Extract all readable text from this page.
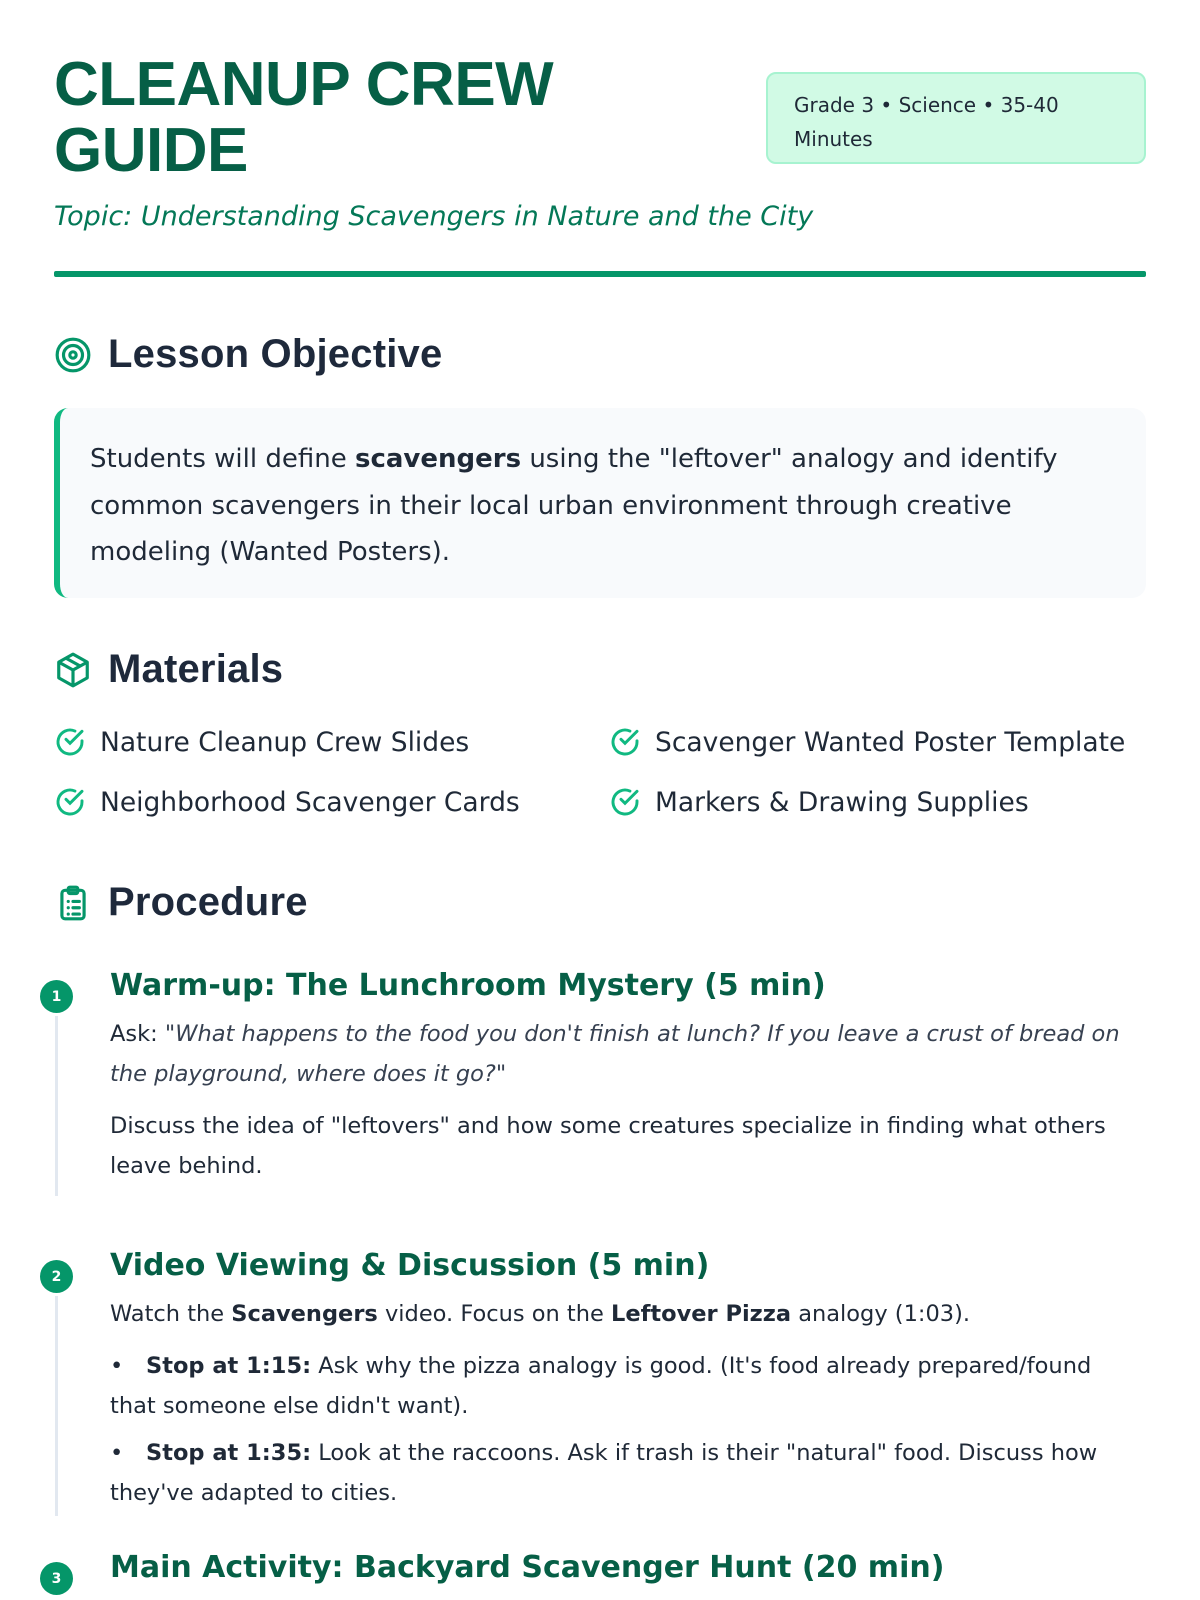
CLEANUP CREW GUIDE
Grade 3 • Science • 35-40 Minutes

Topic: Understanding Scavengers in Nature and the City

Lesson Objective
Students will define scavengers using the "leftover" analogy and identify common scavengers in their local urban environment through creative modeling (Wanted Posters).
Materials
Nature Cleanup Crew Slides	Scavenger Wanted Poster Template
Neighborhood Scavenger Cards	Markers & Drawing Supplies
Procedure
1	Warm-up: The Lunchroom Mystery (5 min)

Ask: "What happens to the food you don't finish at lunch? If you leave a crust of bread on the playground, where does it go?"

Discuss the idea of "leftovers" and how some creatures specialize in finding what others leave behind.

2	Video Viewing & Discussion (5 min)

Watch the Scavengers video. Focus on the Leftover Pizza analogy (1:03).

• Stop at 1:15: Ask why the pizza analogy is good. (It's food already prepared/found that someone else didn't want).
• Stop at 1:35: Look at the raccoons. Ask if trash is their "natural" food. Discuss how they've adapted to cities.
3	Main Activity: Backyard Scavenger Hunt (20 min)
